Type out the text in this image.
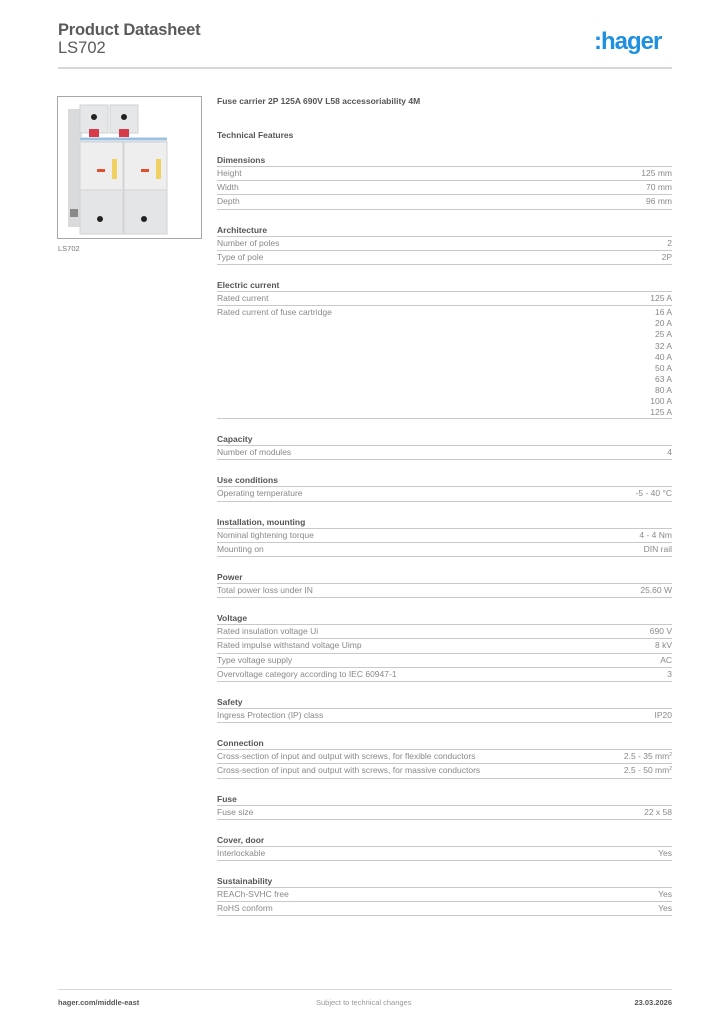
Product Datasheet
LS702	:hager
LS702
Fuse carrier 2P 125A 690V L58 accessoriability 4M
Technical Features
Dimensions
Height	125 mm
Width	70 mm
Depth	96 mm
Architecture
Number of poles	2
Type of pole	2P
Electric current
Rated current	125 A
Rated current of fuse cartridge	16 A
20 A
25 A
32 A
40 A
50 A
63 A
80 A
100 A
125 A
Capacity
Number of modules	4
Use conditions
Operating temperature	-5 - 40 °C
Installation, mounting
Nominal tightening torque	4 - 4 Nm
Mounting on	DIN rail
Power
Total power loss under IN	25.60 W
Voltage
Rated insulation voltage Ui	690 V
Rated impulse withstand voltage Uimp	8 kV
Type voltage supply	AC
Overvoltage category according to IEC 60947-1	3
Safety
Ingress Protection (IP) class	IP20
Connection
Cross-section of input and output with screws, for flexible conductors	2.5 - 35 $mm^2$
Cross-section of input and output with screws, for massive conductors	2.5 - 50 $mm^2$
Fuse
Fuse size	22 x 58
Cover, door
Interlockable	Yes
Sustainability
REACh-SVHC free	Yes
RoHS conform	Yes
hager.com/middle-east	Subject to technical changes	23.03.2026
